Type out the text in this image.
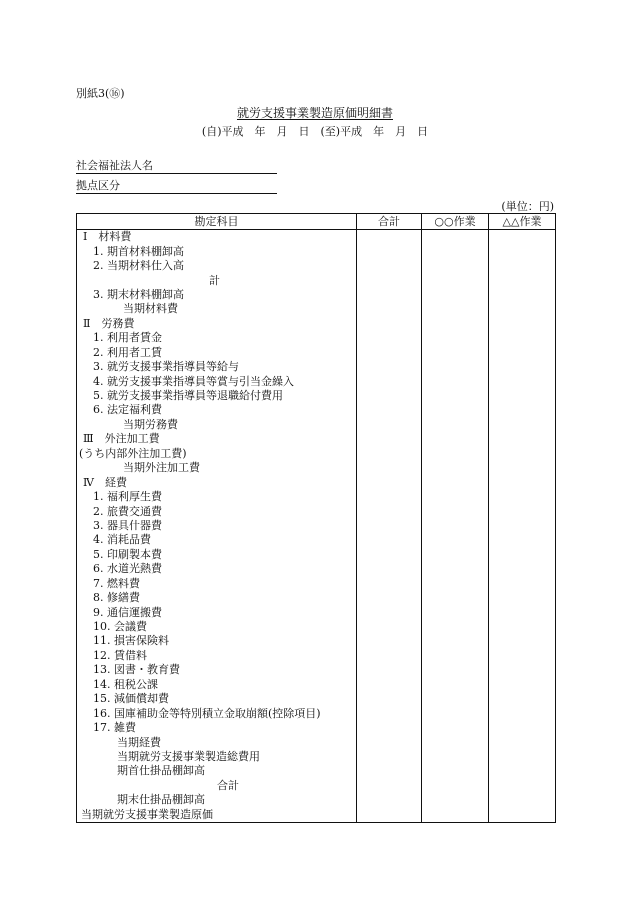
別紙3(⑯)
就労支援事業製造原価明細書
(自)平成　年　月　日　(至)平成　年　月　日
社会福祉法人名
拠点区分
(単位：円)
勘定科目	合計	○○作業	△△作業
Ⅰ　材料費			
1. 期首材料棚卸高			
2. 当期材料仕入高			
計			
3. 期末材料棚卸高			
当期材料費			
Ⅱ　労務費			
1. 利用者賃金			
2. 利用者工賃			
3. 就労支援事業指導員等給与			
4. 就労支援事業指導員等賞与引当金繰入			
5. 就労支援事業指導員等退職給付費用			
6. 法定福利費			
当期労務費			
Ⅲ　外注加工費			
(うち内部外注加工費)			
当期外注加工費			
Ⅳ　経費			
1. 福利厚生費			
2. 旅費交通費			
3. 器具什器費			
4. 消耗品費			
5. 印刷製本費			
6. 水道光熱費			
7. 燃料費			
8. 修繕費			
9. 通信運搬費			
10. 会議費			
11. 損害保険料			
12. 賃借料			
13. 図書・教育費			
14. 租税公課			
15. 減価償却費			
16. 国庫補助金等特別積立金取崩額(控除項目)			
17. 雑費			
当期経費			
当期就労支援事業製造総費用			
期首仕掛品棚卸高			
合計			
期末仕掛品棚卸高			
当期就労支援事業製造原価			
